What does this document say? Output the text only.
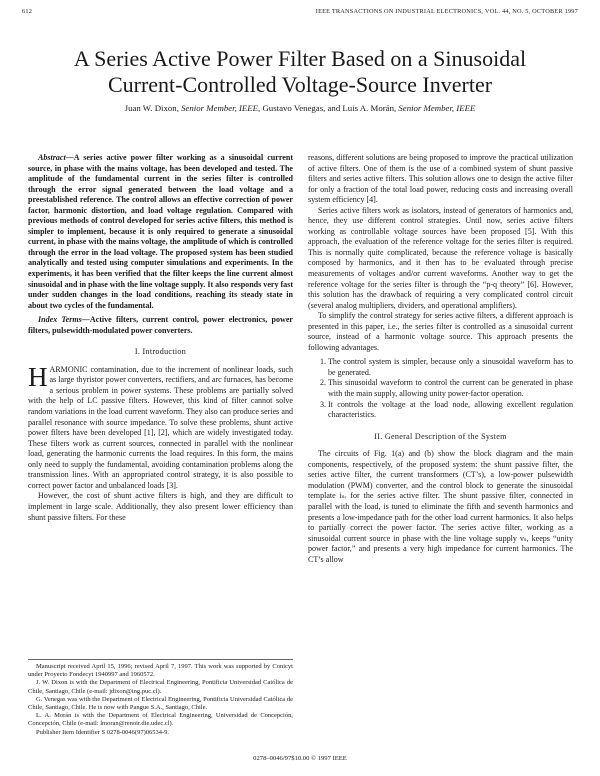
612	IEEE TRANSACTIONS ON INDUSTRIAL ELECTRONICS, VOL. 44, NO. 5, OCTOBER 1997
A Series Active Power Filter Based on a Sinusoidal
Current-Controlled Voltage-Source Inverter
Juan W. Dixon, Senior Member, IEEE, Gustavo Venegas, and Luis A. Morán, Senior Member, IEEE

Abstract—A series active power filter working as a sinusoidal current source, in phase with the mains voltage, has been developed and tested. The amplitude of the fundamental current in the series filter is controlled through the error signal generated between the load voltage and a preestablished reference. The control allows an effective correction of power factor, harmonic distortion, and load voltage regulation. Compared with previous methods of control developed for series active filters, this method is simpler to implement, because it is only required to generate a sinusoidal current, in phase with the mains voltage, the amplitude of which is controlled through the error in the load voltage. The proposed system has been studied analytically and tested using computer simulations and experiments. In the experiments, it has been verified that the filter keeps the line current almost sinusoidal and in phase with the line voltage supply. It also responds very fast under sudden changes in the load conditions, reaching its steady state in about two cycles of the fundamental.

Index Terms—Active filters, current control, power electronics, power filters, pulsewidth-modulated power converters.

I. Introduction

HARMONIC contamination, due to the increment of nonlinear loads, such as large thyristor power converters, rectifiers, and arc furnaces, has become a serious problem in power systems. These problems are partially solved with the help of LC passive filters. However, this kind of filter cannot solve random variations in the load current waveform. They also can produce series and parallel resonance with source impedance. To solve these problems, shunt active power filters have been developed [1], [2], which are widely investigated today. These filters work as current sources, connected in parallel with the nonlinear load, generating the harmonic currents the load requires. In this form, the mains only need to supply the fundamental, avoiding contamination problems along the transmission lines. With an appropriated control strategy, it is also possible to correct power factor and unbalanced loads [3].

However, the cost of shunt active filters is high, and they are difficult to implement in large scale. Additionally, they also present lower efficiency than shunt passive filters. For these

Manuscript received April 15, 1996; revised April 7, 1997. This work was supported by Conicyt under Proyecto Fondecyt 1940997 and 1960572.

J. W. Dixon is with the Department of Electrical Engineering, Pontificia Universidad Católica de Chile, Santiago, Chile (e-mail: jdixon@ing.puc.cl).

G. Venegas was with the Department of Electrical Engineering, Pontificia Universidad Católica de Chile, Santiago, Chile. He is now with Pangue S.A., Santiago, Chile.

L. A. Morán is with the Department of Electrical Engineering, Universidad de Concepción, Concepción, Chile (e-mail: lmoran@renoir.die.udec.cl).

Publisher Item Identifier S 0278-0046(97)06534-9.

reasons, different solutions are being proposed to improve the practical utilization of active filters. One of them is the use of a combined system of shunt passive filters and series active filters. This solution allows one to design the active filter for only a fraction of the total load power, reducing costs and increasing overall system efficiency [4].

Series active filters work as isolators, instead of generators of harmonics and, hence, they use different control strategies. Until now, series active filters working as controllable voltage sources have been proposed [5]. With this approach, the evaluation of the reference voltage for the series filter is required. This is normally quite complicated, because the reference voltage is basically composed by harmonics, and it then has to be evaluated through precise measurements of voltages and/or current waveforms. Another way to get the reference voltage for the series filter is through the “p-q theory” [6]. However, this solution has the drawback of requiring a very complicated control circuit (several analog multipliers, dividers, and operational amplifiers).

To simplify the control strategy for series active filters, a different approach is presented in this paper, i.e., the series filter is controlled as a sinusoidal current source, instead of a harmonic voltage source. This approach presents the following advantages.

1. The control system is simpler, because only a sinusoidal waveform has to be generated.
2. This sinusoidal waveform to control the current can be generated in phase with the main supply, allowing unity power-factor operation.
3. It controls the voltage at the load node, allowing excellent regulation characteristics.
II. General Description of the System

The circuits of Fig. 1(a) and (b) show the block diagram and the main components, respectively, of the proposed system: the shunt passive filter, the series active filter, the current transformers (CT’s), a low-power pulsewidth modulation (PWM) converter, and the control block to generate the sinusoidal template iₛᵣ for the series active filter. The shunt passive filter, connected in parallel with the load, is tuned to eliminate the fifth and seventh harmonics and presents a low-impedance path for the other load current harmonics. It also helps to partially correct the power factor. The series active filter, working as a sinusoidal current source in phase with the line voltage supply vₛ, keeps “unity power factor,” and presents a very high impedance for current harmonics. The CT’s allow

0278–0046/97$10.00 © 1997 IEEE
